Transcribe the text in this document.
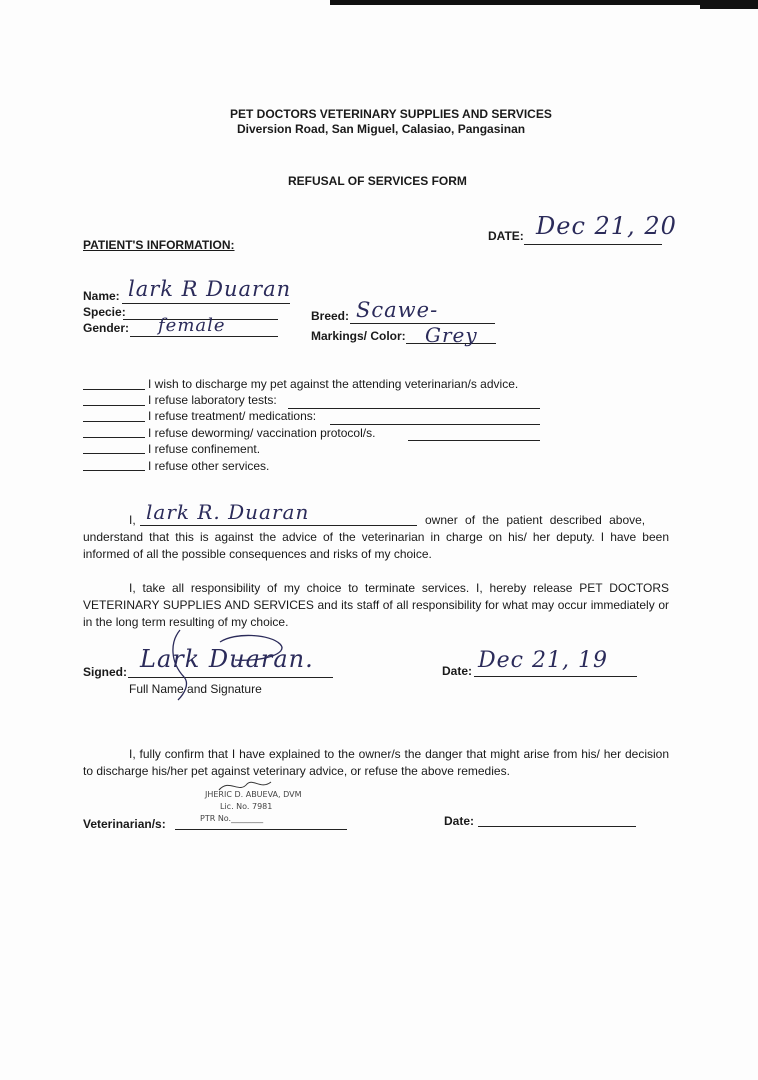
PET DOCTORS VETERINARY SUPPLIES AND SERVICES
Diversion Road, San Miguel, Calasiao, Pangasinan
REFUSAL OF SERVICES FORM
DATE: Dec 21, 20
PATIENT'S INFORMATION:
Name: lark R Duaran
Specie:
Gender: female	Breed: Scawe-
Markings/ Color: Grey
I wish to discharge my pet against the attending veterinarian/s advice.
I refuse laboratory tests:
I refuse treatment/ medications:
I refuse deworming/ vaccination protocol/s.
I refuse confinement.
I refuse other services.
I, lark R. Duaran	owner of the patient described above,
understand that this is against the advice of the veterinarian in charge on his/ her deputy. I have been informed of all the possible consequences and risks of my choice.
I, take all responsibility of my choice to terminate services. I, hereby release PET DOCTORS VETERINARY SUPPLIES AND SERVICES and its staff of all responsibility for what may occur immediately or in the long term resulting of my choice.
Signed: Lark Duaran.
Full Name and Signature
Date: Dec 21, 19
I, fully confirm that I have explained to the owner/s the danger that might arise from his/ her decision to discharge his/her pet against veterinary advice, or refuse the above remedies.
JHERIC D. ABUEVA, DVM
Lic. No. 7981
PTR No.________
Veterinarian/s:	Date:
